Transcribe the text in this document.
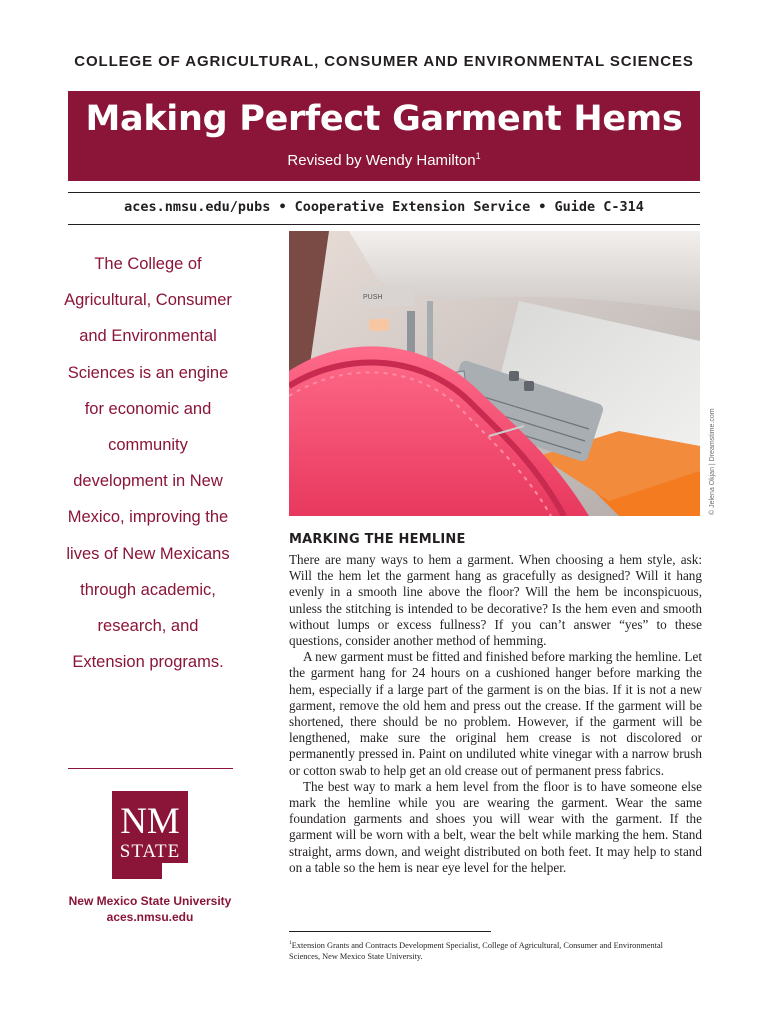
COLLEGE OF AGRICULTURAL, CONSUMER AND ENVIRONMENTAL SCIENCES
Making Perfect Garment Hems
Revised by Wendy Hamilton$^1$
aces.nmsu.edu/pubs • Cooperative Extension Service • Guide C-314
The College of Agricultural, Consumer and Environmental Sciences is an engine for economic and community development in New Mexico, improving the lives of New Mexicans through academic, research, and Extension programs.
NM
STATE
New Mexico State University
aces.nmsu.edu
PUSH
© Jelena Okjan | Dreamstime.com
MARKING THE HEMLINE

There are many ways to hem a garment. When choosing a hem style, ask: Will the hem let the garment hang as gracefully as designed? Will it hang evenly in a smooth line above the floor? Will the hem be inconspicuous, unless the stitching is intended to be decorative? Is the hem even and smooth without lumps or excess fullness? If you can’t answer “yes” to these questions, consider another method of hemming.

A new garment must be fitted and finished before marking the hemline. Let the garment hang for 24 hours on a cushioned hanger before marking the hem, especially if a large part of the garment is on the bias. If it is not a new garment, remove the old hem and press out the crease. If the garment will be shortened, there should be no problem. However, if the garment will be lengthened, make sure the original hem crease is not discolored or permanently pressed in. Paint on undiluted white vinegar with a narrow brush or cotton swab to help get an old crease out of permanent press fabrics.

The best way to mark a hem level from the floor is to have someone else mark the hemline while you are wearing the garment. Wear the same foundation garments and shoes you will wear with the garment. If the garment will be worn with a belt, wear the belt while marking the hem. Stand straight, arms down, and weight distributed on both feet. It may help to stand on a table so the hem is near eye level for the helper.

$^1$Extension Grants and Contracts Development Specialist, College of Agricultural, Consumer and Environmental Sciences, New Mexico State University.
